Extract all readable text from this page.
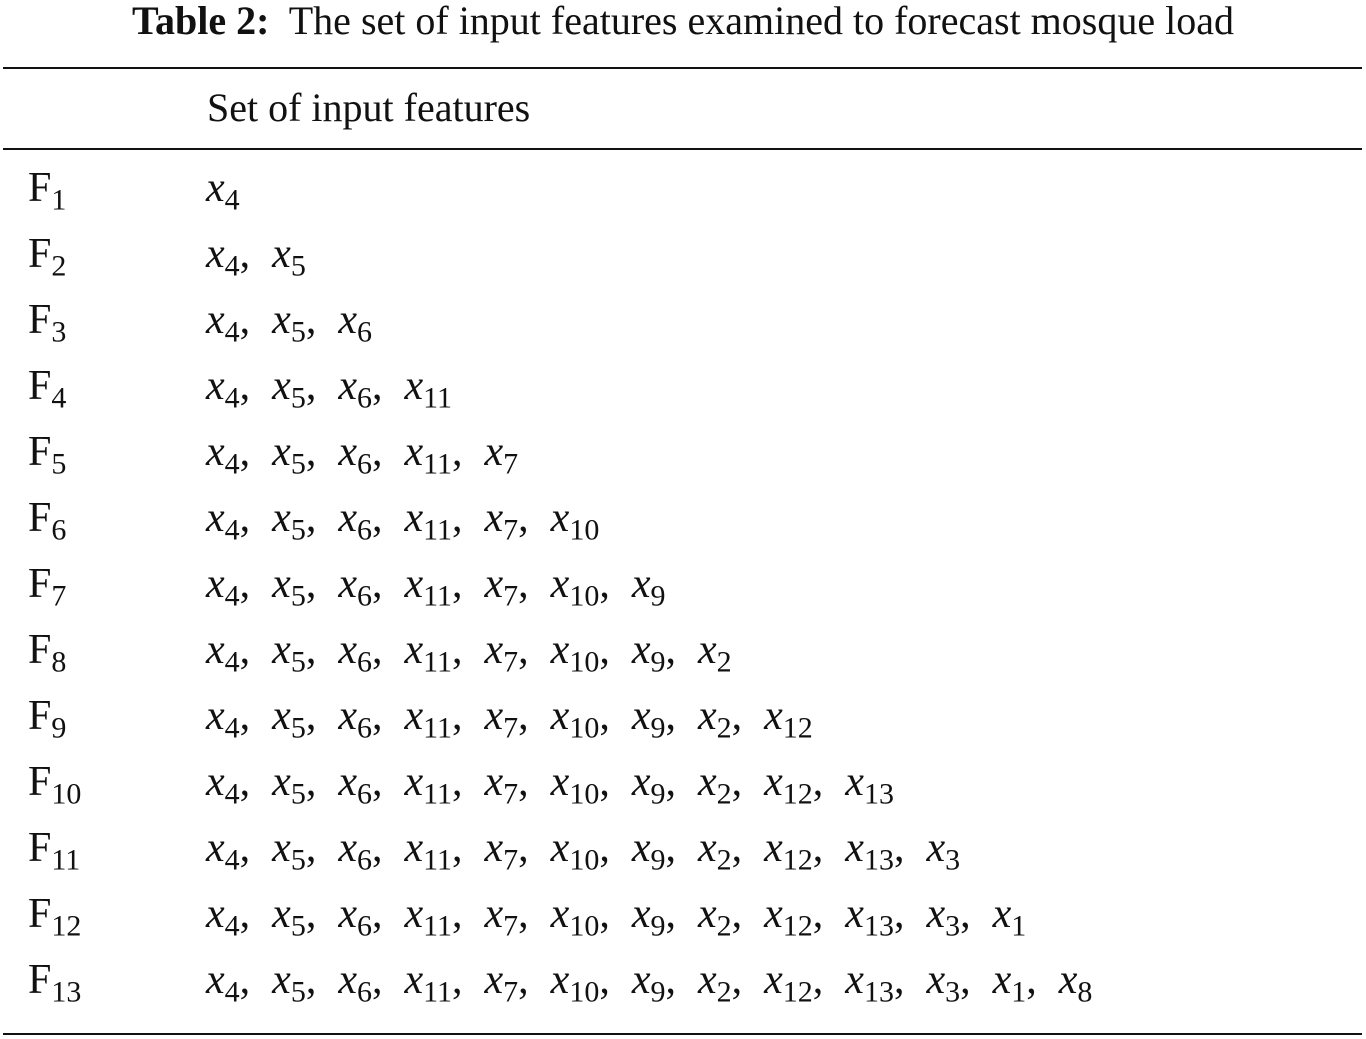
Table 2: The set of input features examined to forecast mosque load
Set of input features
$F_1$	$x_4$
$F_2$	$x_4$, $x_5$
$F_3$	$x_4$, $x_5$, $x_6$
$F_4$	$x_4$, $x_5$, $x_6$, $x_{11}$
$F_5$	$x_4$, $x_5$, $x_6$, $x_{11}$, $x_7$
$F_6$	$x_4$, $x_5$, $x_6$, $x_{11}$, $x_7$, $x_{10}$
$F_7$	$x_4$, $x_5$, $x_6$, $x_{11}$, $x_7$, $x_{10}$, $x_9$
$F_8$	$x_4$, $x_5$, $x_6$, $x_{11}$, $x_7$, $x_{10}$, $x_9$, $x_2$
$F_9$	$x_4$, $x_5$, $x_6$, $x_{11}$, $x_7$, $x_{10}$, $x_9$, $x_2$, $x_{12}$
$F_{10}$	$x_4$, $x_5$, $x_6$, $x_{11}$, $x_7$, $x_{10}$, $x_9$, $x_2$, $x_{12}$, $x_{13}$
$F_{11}$	$x_4$, $x_5$, $x_6$, $x_{11}$, $x_7$, $x_{10}$, $x_9$, $x_2$, $x_{12}$, $x_{13}$, $x_3$
$F_{12}$	$x_4$, $x_5$, $x_6$, $x_{11}$, $x_7$, $x_{10}$, $x_9$, $x_2$, $x_{12}$, $x_{13}$, $x_3$, $x_1$
$F_{13}$	$x_4$, $x_5$, $x_6$, $x_{11}$, $x_7$, $x_{10}$, $x_9$, $x_2$, $x_{12}$, $x_{13}$, $x_3$, $x_1$, $x_8$
